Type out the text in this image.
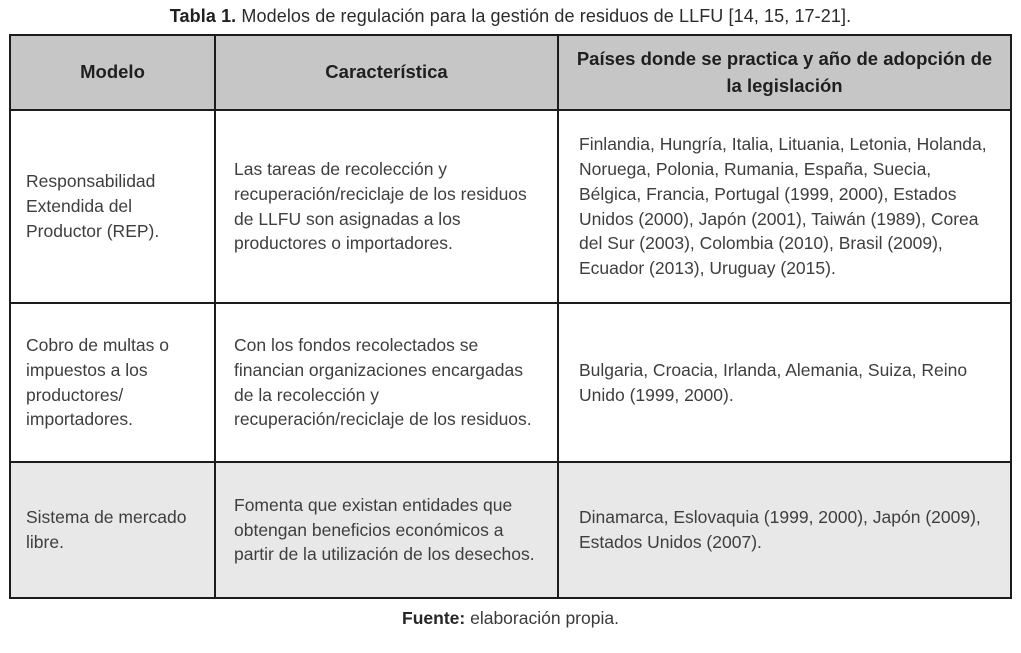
Tabla 1. Modelos de regulación para la gestión de residuos de LLFU [14, 15, 17-21].
Modelo	Característica	Países donde se practica y año de adopción de la legislación
Responsabilidad Extendida del Productor (REP).	Las tareas de recolección y recuperación/reciclaje de los residuos de LLFU son asignadas a los productores o importadores.	Finlandia, Hungría, Italia, Lituania, Letonia, Holanda, Noruega, Polonia, Rumania, España, Suecia, Bélgica, Francia, Portugal (1999, 2000), Estados Unidos (2000), Japón (2001), Taiwán (1989), Corea del Sur (2003), Colombia (2010), Brasil (2009), Ecuador (2013), Uruguay (2015).
Cobro de multas o impuestos a los productores/ importadores.	Con los fondos recolectados se financian organizaciones encargadas de la recolección y recuperación/reciclaje de los residuos.	Bulgaria, Croacia, Irlanda, Alemania, Suiza, Reino Unido (1999, 2000).
Sistema de mercado libre.	Fomenta que existan entidades que obtengan beneficios económicos a partir de la utilización de los desechos.	Dinamarca, Eslovaquia (1999, 2000), Japón (2009), Estados Unidos (2007).
Fuente: elaboración propia.
